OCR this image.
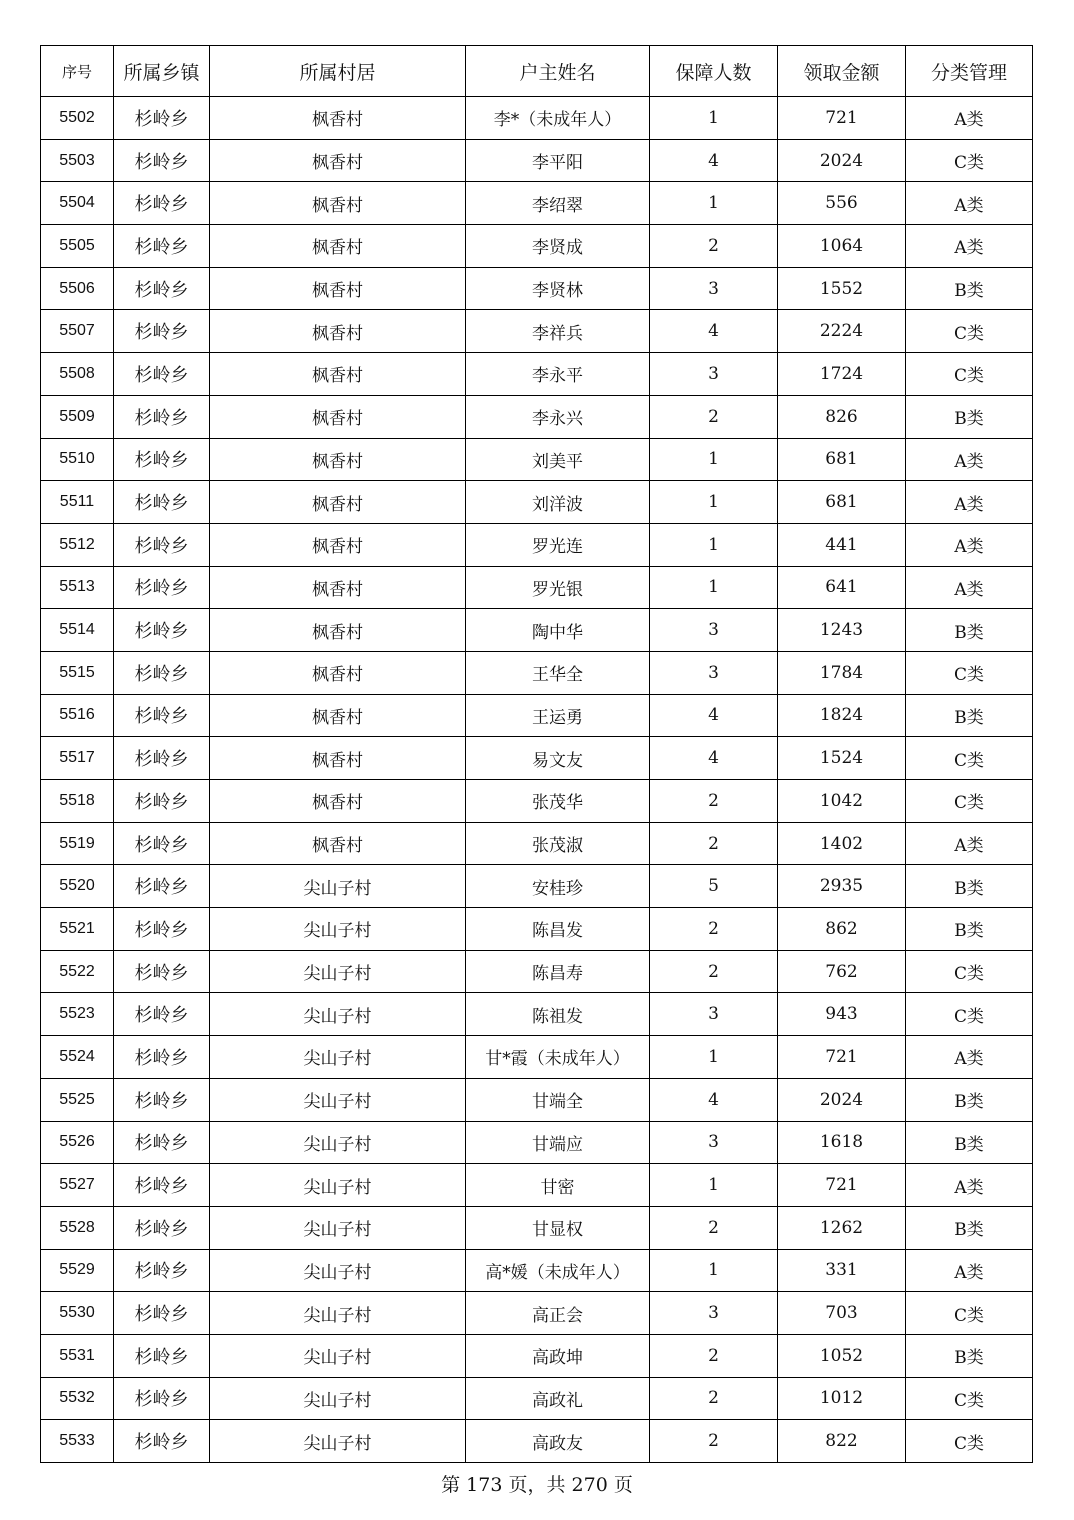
序号	所属乡镇	所属村居	户主姓名	保障人数	领取金额	分类管理
5502	杉岭乡	枫香村	李*（未成年人）	1	721	A类
5503	杉岭乡	枫香村	李平阳	4	2024	C类
5504	杉岭乡	枫香村	李绍翠	1	556	A类
5505	杉岭乡	枫香村	李贤成	2	1064	A类
5506	杉岭乡	枫香村	李贤林	3	1552	B类
5507	杉岭乡	枫香村	李祥兵	4	2224	C类
5508	杉岭乡	枫香村	李永平	3	1724	C类
5509	杉岭乡	枫香村	李永兴	2	826	B类
5510	杉岭乡	枫香村	刘美平	1	681	A类
5511	杉岭乡	枫香村	刘洋波	1	681	A类
5512	杉岭乡	枫香村	罗光连	1	441	A类
5513	杉岭乡	枫香村	罗光银	1	641	A类
5514	杉岭乡	枫香村	陶中华	3	1243	B类
5515	杉岭乡	枫香村	王华全	3	1784	C类
5516	杉岭乡	枫香村	王运勇	4	1824	B类
5517	杉岭乡	枫香村	易文友	4	1524	C类
5518	杉岭乡	枫香村	张茂华	2	1042	C类
5519	杉岭乡	枫香村	张茂淑	2	1402	A类
5520	杉岭乡	尖山子村	安桂珍	5	2935	B类
5521	杉岭乡	尖山子村	陈昌发	2	862	B类
5522	杉岭乡	尖山子村	陈昌寿	2	762	C类
5523	杉岭乡	尖山子村	陈祖发	3	943	C类
5524	杉岭乡	尖山子村	甘*霞（未成年人）	1	721	A类
5525	杉岭乡	尖山子村	甘端全	4	2024	B类
5526	杉岭乡	尖山子村	甘端应	3	1618	B类
5527	杉岭乡	尖山子村	甘密	1	721	A类
5528	杉岭乡	尖山子村	甘显权	2	1262	B类
5529	杉岭乡	尖山子村	高*媛（未成年人）	1	331	A类
5530	杉岭乡	尖山子村	高正会	3	703	C类
5531	杉岭乡	尖山子村	高政坤	2	1052	B类
5532	杉岭乡	尖山子村	高政礼	2	1012	C类
5533	杉岭乡	尖山子村	高政友	2	822	C类
第 173 页，共 270 页
